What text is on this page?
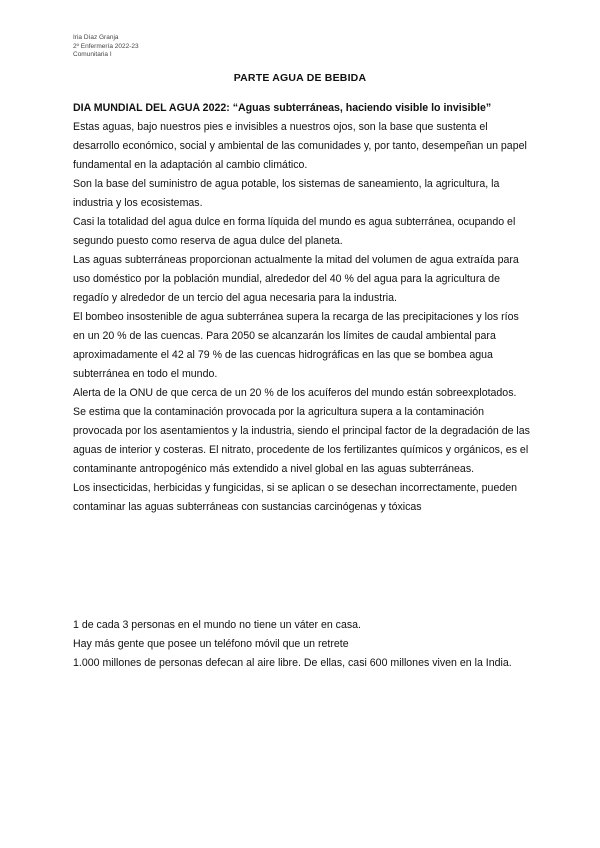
Iria Díaz Granja
2º Enfermería 2022-23
Comunitaria I
PARTE AGUA DE BEBIDA

DIA MUNDIAL DEL AGUA 2022: “Aguas subterráneas, haciendo visible lo invisible”

Estas aguas, bajo nuestros pies e invisibles a nuestros ojos, son la base que sustenta el desarrollo económico, social y ambiental de las comunidades y, por tanto, desempeñan un papel fundamental en la adaptación al cambio climático.

Son la base del suministro de agua potable, los sistemas de saneamiento, la agricultura, la industria y los ecosistemas.

Casi la totalidad del agua dulce en forma líquida del mundo es agua subterránea, ocupando el segundo puesto como reserva de agua dulce del planeta.

Las aguas subterráneas proporcionan actualmente la mitad del volumen de agua extraída para uso doméstico por la población mundial, alrededor del 40 % del agua para la agricultura de regadío y alrededor de un tercio del agua necesaria para la industria.

El bombeo insostenible de agua subterránea supera la recarga de las precipitaciones y los ríos en un 20 % de las cuencas. Para 2050 se alcanzarán los límites de caudal ambiental para aproximadamente el 42 al 79 % de las cuencas hidrográficas en las que se bombea agua subterránea en todo el mundo.

Alerta de la ONU de que cerca de un 20 % de los acuíferos del mundo están sobreexplotados.

Se estima que la contaminación provocada por la agricultura supera a la contaminación provocada por los asentamientos y la industria, siendo el principal factor de la degradación de las aguas de interior y costeras. El nitrato, procedente de los fertilizantes químicos y orgánicos, es el contaminante antropogénico más extendido a nivel global en las aguas subterráneas.

Los insecticidas, herbicidas y fungicidas, si se aplican o se desechan incorrectamente, pueden contaminar las aguas subterráneas con sustancias carcinógenas y tóxicas

1 de cada 3 personas en el mundo no tiene un váter en casa.

Hay más gente que posee un teléfono móvil que un retrete

1.000 millones de personas defecan al aire libre. De ellas, casi 600 millones viven en la India.
